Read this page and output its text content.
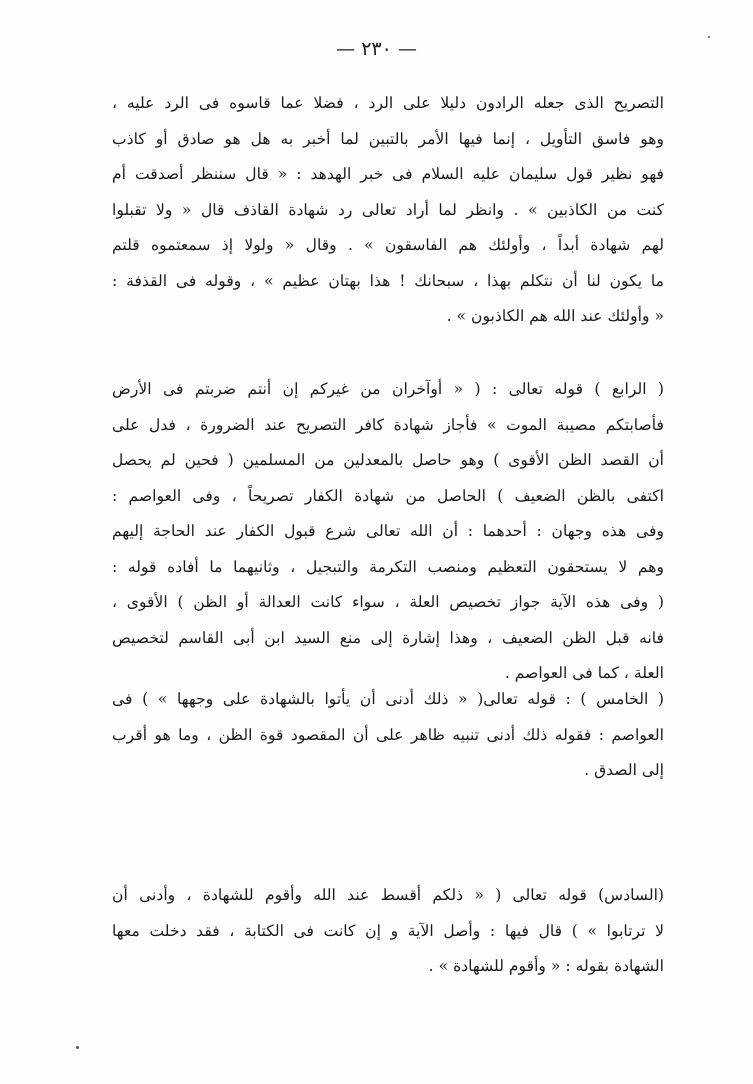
— ٢٣٠ —
التصريح الذى جعله الرادون دليلا على الرد ، فضلا عما قاسوه فى الرد عليه ،
وهو فاسق التأويل ، إنما فيها الأمر بالتبين لما أخبر به هل هو صادق أو كاذب
فهو نظير قول سليمان عليه السلام فى خبر الهدهد : « قال سننظر أصدقت أم
كنت من الكاذبين » . وانظر لما أراد تعالى رد شهادة القاذف قال « ولا تقبلوا
لهم شهادة أبداً ، وأولئك هم الفاسقون » . وقال « ولولا إذ سمعتموه قلتم
ما يكون لنا أن نتكلم بهذا ، سبحانك ! هذا بهتان عظيم » ، وقوله فى القذفة :
« وأولئك عند الله هم الكاذبون » .
( الرابع ) قوله تعالى : ( « أوآخران من غيركم إن أنتم ضربتم فى الأرض
فأصابتكم مصيبة الموت » فأجاز شهادة كافر التصريح عند الضرورة ، فدل على
أن القصد الظن الأقوى ) وهو حاصل بالمعدلين من المسلمين ( فحين لم يحصل
اكتفى بالظن الضعيف ) الحاصل من شهادة الكفار تصريحاً ، وفى العواصم :
وفى هذه وجهان : أحدهما : أن الله تعالى شرع قبول الكفار عند الحاجة إليهم
وهم لا يستحقون التعظيم ومنصب التكرمة والتبجيل ، وثانيهما ما أفاده قوله :
( وفى هذه الآية جواز تخصيص العلة ، سواء كانت العدالة أو الظن ) الأقوى ،
فانه قبل الظن الضعيف ، وهذا إشارة إلى منع السيد ابن أبى القاسم لتخصيص
العلة ، كما فى العواصم .
( الخامس ) : قوله تعالى( « ذلك أدنى أن يأتوا بالشهادة على وجهها » ) فى
العواصم : فقوله ذلك أدنى تنبيه ظاهر على أن المقصود قوة الظن ، وما هو أقرب
إلى الصدق .
(السادس) قوله تعالى ( « ذلكم أقسط عند الله وأقوم للشهادة ، وأدنى أن
لا ترتابوا » ) قال فيها : وأصل الآية و إن كانت فى الكتابة ، فقد دخلت معها
الشهادة بقوله : « وأقوم للشهادة » .
